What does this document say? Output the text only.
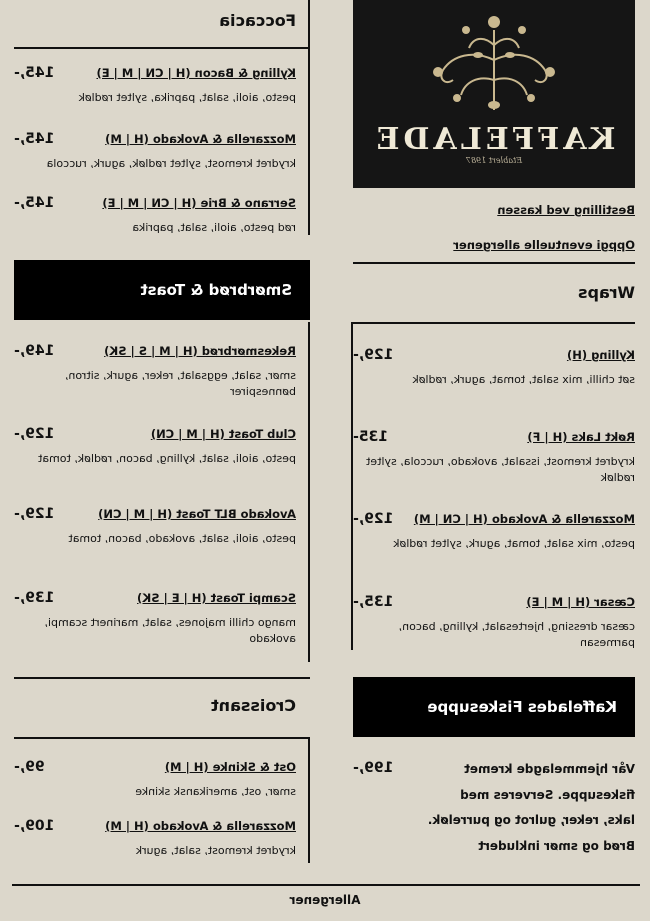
KAFFELADE
Etablert 1987
Bestilling ved kassen
Oppgi eventuelle allergener
Wraps
Kylling (H)
129,-
søt chilli, mix salat, tomat, agurk, rødløk
Røkt Laks (H | F)
135-
krydret kremost, issalat, avokado, ruccola, syltet rødløk
Mozzarella & Avokado (H | CN | M)
129,-
pesto, mix salat, tomat, agurk, syltet rødløk
Cæsar (H | M | E)
135,-
cæsar dressing, hjertesalat, kylling, bacon, parmesan
Kaffelades Fiskesuppe
199,-	Vår hjemmelagde kremet
fiskesuppe. Serveres med
laks, reker, gulrot og purreløk.
Brød og smør inkludert
Foccacia
Kylling & Bacon (H | CN | M | E)
145,-
pesto, aioli, salat, paprika, syltet rødløk
Mozzarella & Avokado (H | M)
145,-
krydret kremost, syltet rødløk, agurk, ruccola
Serrano & Brie (H | CN | M | E)
145,-
rød pesto, aioli, salat, paprika
Smørbrød & Toast
Rekesmørbrød (H | M | S | SK)
149,-
smør, salat, eggsalat, reker, agurk, sitron, bønnespirer
Club Toast (H | M | CN)
129,-
pesto, aioli, salat, kylling, bacon, rødløk, tomat
Avokado BLT Toast (H | M | CN)
129,-
pesto, aioli, salat, avokado, bacon, tomat
Scampi Toast (H | E | SK)
139,-
mango chilli majones, salat, marinert scampi, avokado
Croissant
Ost & Skinke (H | M)
99,-
smør, ost, amerikansk skinke
Mozzarella & Avokado (H | M)
109,-
krydret kremost, salat, agurk
Allergener
